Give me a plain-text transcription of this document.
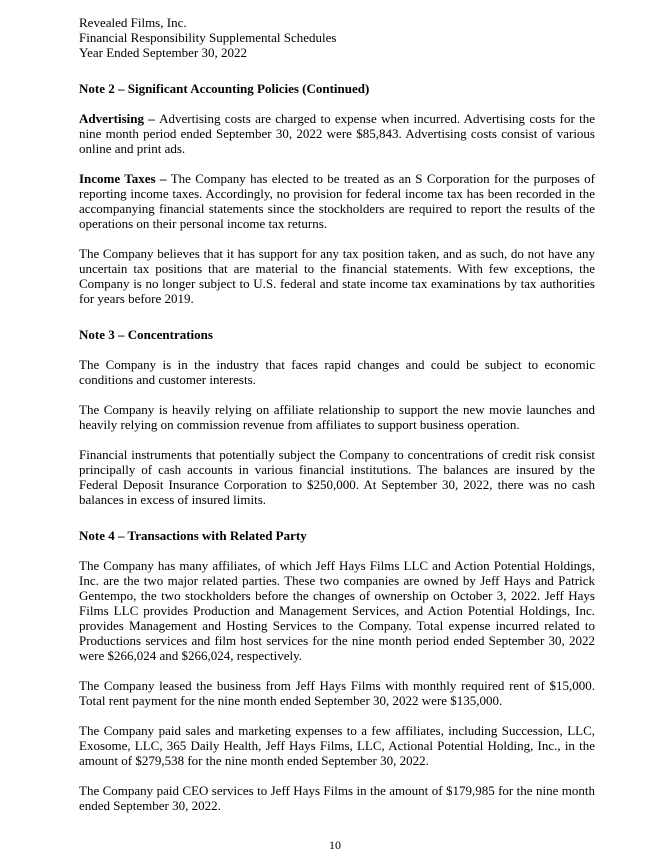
Revealed Films, Inc.
Financial Responsibility Supplemental Schedules
Year Ended September 30, 2022
Note 2 – Significant Accounting Policies (Continued)

Advertising – Advertising costs are charged to expense when incurred. Advertising costs for the nine month period ended September 30, 2022 were $85,843. Advertising costs consist of various online and print ads.

Income Taxes – The Company has elected to be treated as an S Corporation for the purposes of reporting income taxes. Accordingly, no provision for federal income tax has been recorded in the accompanying financial statements since the stockholders are required to report the results of the operations on their personal income tax returns.

The Company believes that it has support for any tax position taken, and as such, do not have any uncertain tax positions that are material to the financial statements. With few exceptions, the Company is no longer subject to U.S. federal and state income tax examinations by tax authorities for years before 2019.

Note 3 – Concentrations

The Company is in the industry that faces rapid changes and could be subject to economic conditions and customer interests.

The Company is heavily relying on affiliate relationship to support the new movie launches and heavily relying on commission revenue from affiliates to support business operation.

Financial instruments that potentially subject the Company to concentrations of credit risk consist principally of cash accounts in various financial institutions. The balances are insured by the Federal Deposit Insurance Corporation to $250,000. At September 30, 2022, there was no cash balances in excess of insured limits.

Note 4 – Transactions with Related Party

The Company has many affiliates, of which Jeff Hays Films LLC and Action Potential Holdings, Inc. are the two major related parties. These two companies are owned by Jeff Hays and Patrick Gentempo, the two stockholders before the changes of ownership on October 3, 2022. Jeff Hays Films LLC provides Production and Management Services, and Action Potential Holdings, Inc. provides Management and Hosting Services to the Company. Total expense incurred related to Productions services and film host services for the nine month period ended September 30, 2022 were $266,024 and $266,024, respectively.

The Company leased the business from Jeff Hays Films with monthly required rent of $15,000. Total rent payment for the nine month ended September 30, 2022 were $135,000.

The Company paid sales and marketing expenses to a few affiliates, including Succession, LLC, Exosome, LLC, 365 Daily Health, Jeff Hays Films, LLC, Actional Potential Holding, Inc., in the amount of $279,538 for the nine month ended September 30, 2022.

The Company paid CEO services to Jeff Hays Films in the amount of $179,985 for the nine month ended September 30, 2022.

10
